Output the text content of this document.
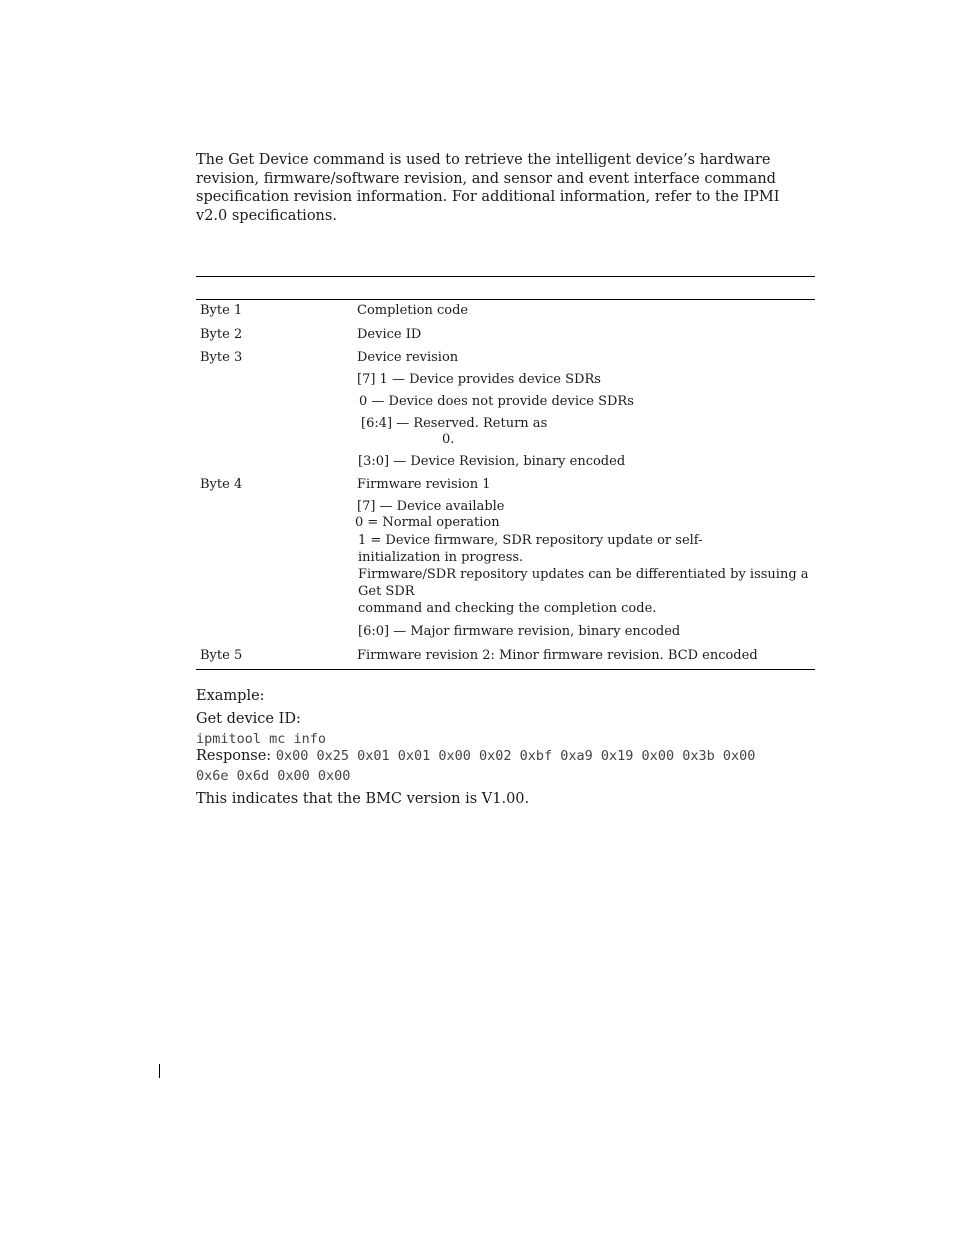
The Get Device command is used to retrieve the intelligent device’s hardware revision, firmware/software revision, and sensor and event interface command specification revision information. For additional information, refer to the IPMI v2.0 specifications.

Byte 1
Byte 2
Byte 3
Byte 4
Byte 5
Completion code
Device ID
Device revision
[7] 1 — Device provides device SDRs
0 — Device does not provide device SDRs
[6:4] — Reserved. Return as
0.
[3:0] — Device Revision, binary encoded
Firmware revision 1
[7] — Device available
0 = Normal operation
1 = Device firmware, SDR repository update or self-initialization in progress.
Firmware/SDR repository updates can be differentiated by issuing a Get SDR
command and checking the completion code.
[6:0] — Major firmware revision, binary encoded
Firmware revision 2: Minor firmware revision. BCD encoded
Example:
Get device ID:
ipmitool mc info
Response: 0x00 0x25 0x01 0x01 0x00 0x02 0xbf 0xa9 0x19 0x00 0x3b 0x00
0x6e 0x6d 0x00 0x00
This indicates that the BMC version is V1.00.
